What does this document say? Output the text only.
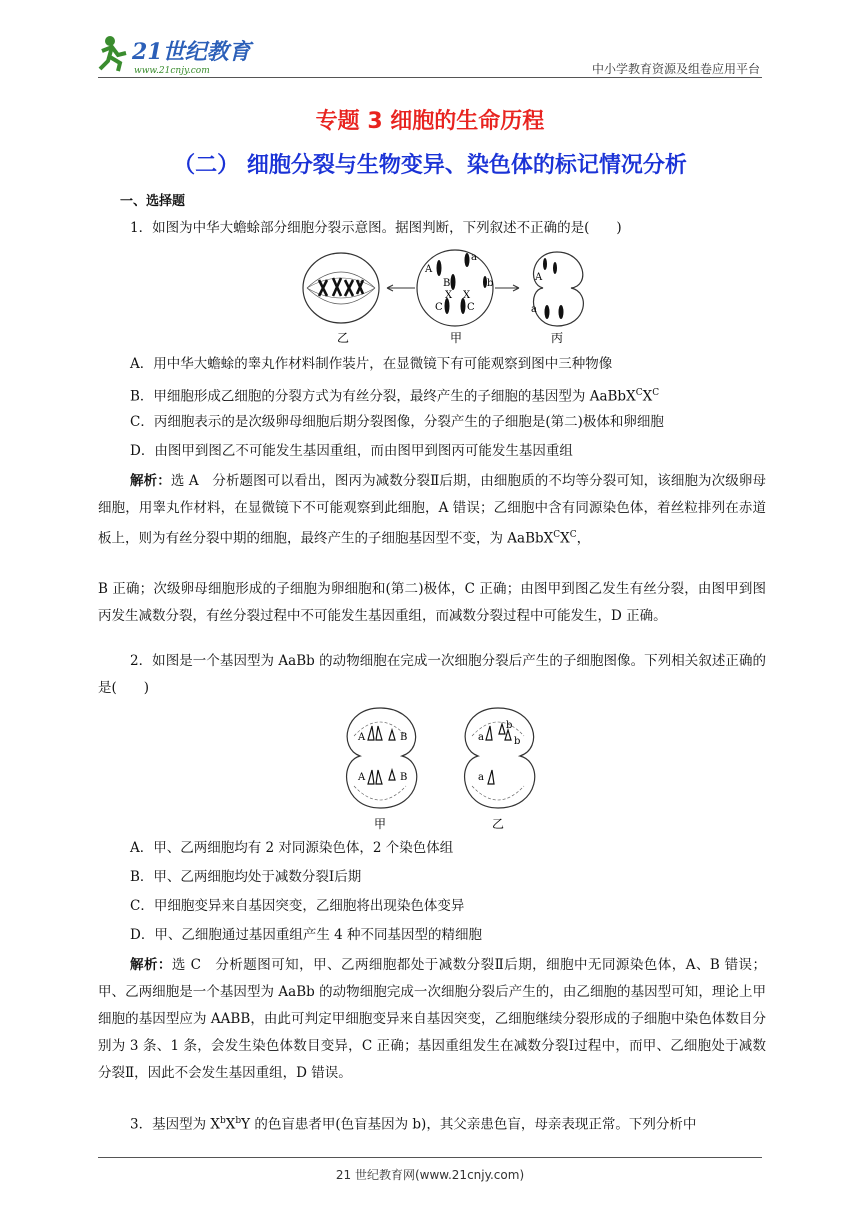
21世纪教育
www.21cnjy.com	中小学教育资源及组卷应用平台
专题 3 细胞的生命历程
（二） 细胞分裂与生物变异、染色体的标记情况分析
一、选择题
1．如图为中华大蟾蜍部分细胞分裂示意图。据图判断，下列叙述不正确的是(　　)
乙
A
a
B	b
X X
C C
甲
A
a
丙
A．用中华大蟾蜍的睾丸作材料制作装片，在显微镜下有可能观察到图中三种物像
B．甲细胞形成乙细胞的分裂方式为有丝分裂，最终产生的子细胞的基因型为 $AaBbX^CX^C$
C．丙细胞表示的是次级卵母细胞后期分裂图像，分裂产生的子细胞是(第二)极体和卵细胞
D．由图甲到图乙不可能发生基因重组，而由图甲到图丙可能发生基因重组
解析：选 A　分析题图可以看出，图丙为减数分裂Ⅱ后期，由细胞质的不均等分裂可知，该细胞为次级卵母细胞，用睾丸作材料，在显微镜下不可能观察到此细胞，A 错误；乙细胞中含有同源染色体，着丝粒排列在赤道板上，则为有丝分裂中期的细胞，最终产生的子细胞基因型不变，为 $AaBbX^CX^C$，
B 正确；次级卵母细胞形成的子细胞为卵细胞和(第二)极体，C 正确；由图甲到图乙发生有丝分裂，由图甲到图丙发生减数分裂，有丝分裂过程中不可能发生基因重组，而减数分裂过程中可能发生，D 正确。
2．如图是一个基因型为 AaBb 的动物细胞在完成一次细胞分裂后产生的子细胞图像。下列相关叙述正确的是(　　)
A	B
A	B
甲
a
b
b
a
乙
A．甲、乙两细胞均有 2 对同源染色体，2 个染色体组
B．甲、乙两细胞均处于减数分裂Ⅰ后期
C．甲细胞变异来自基因突变，乙细胞将出现染色体变异
D．甲、乙细胞通过基因重组产生 4 种不同基因型的精细胞
解析：选 C　分析题图可知，甲、乙两细胞都处于减数分裂Ⅱ后期，细胞中无同源染色体，A、B 错误；甲、乙两细胞是一个基因型为 AaBb 的动物细胞完成一次细胞分裂后产生的，由乙细胞的基因型可知，理论上甲细胞的基因型应为 AABB，由此可判定甲细胞变异来自基因突变，乙细胞继续分裂形成的子细胞中染色体数目分别为 3 条、1 条，会发生染色体数目变异，C 正确；基因重组发生在减数分裂Ⅰ过程中，而甲、乙细胞处于减数分裂Ⅱ，因此不会发生基因重组，D 错误。
3．基因型为 $X^bX^bY$ 的色盲患者甲(色盲基因为 b)，其父亲患色盲，母亲表现正常。下列分析中
21 世纪教育网(www.21cnjy.com)
